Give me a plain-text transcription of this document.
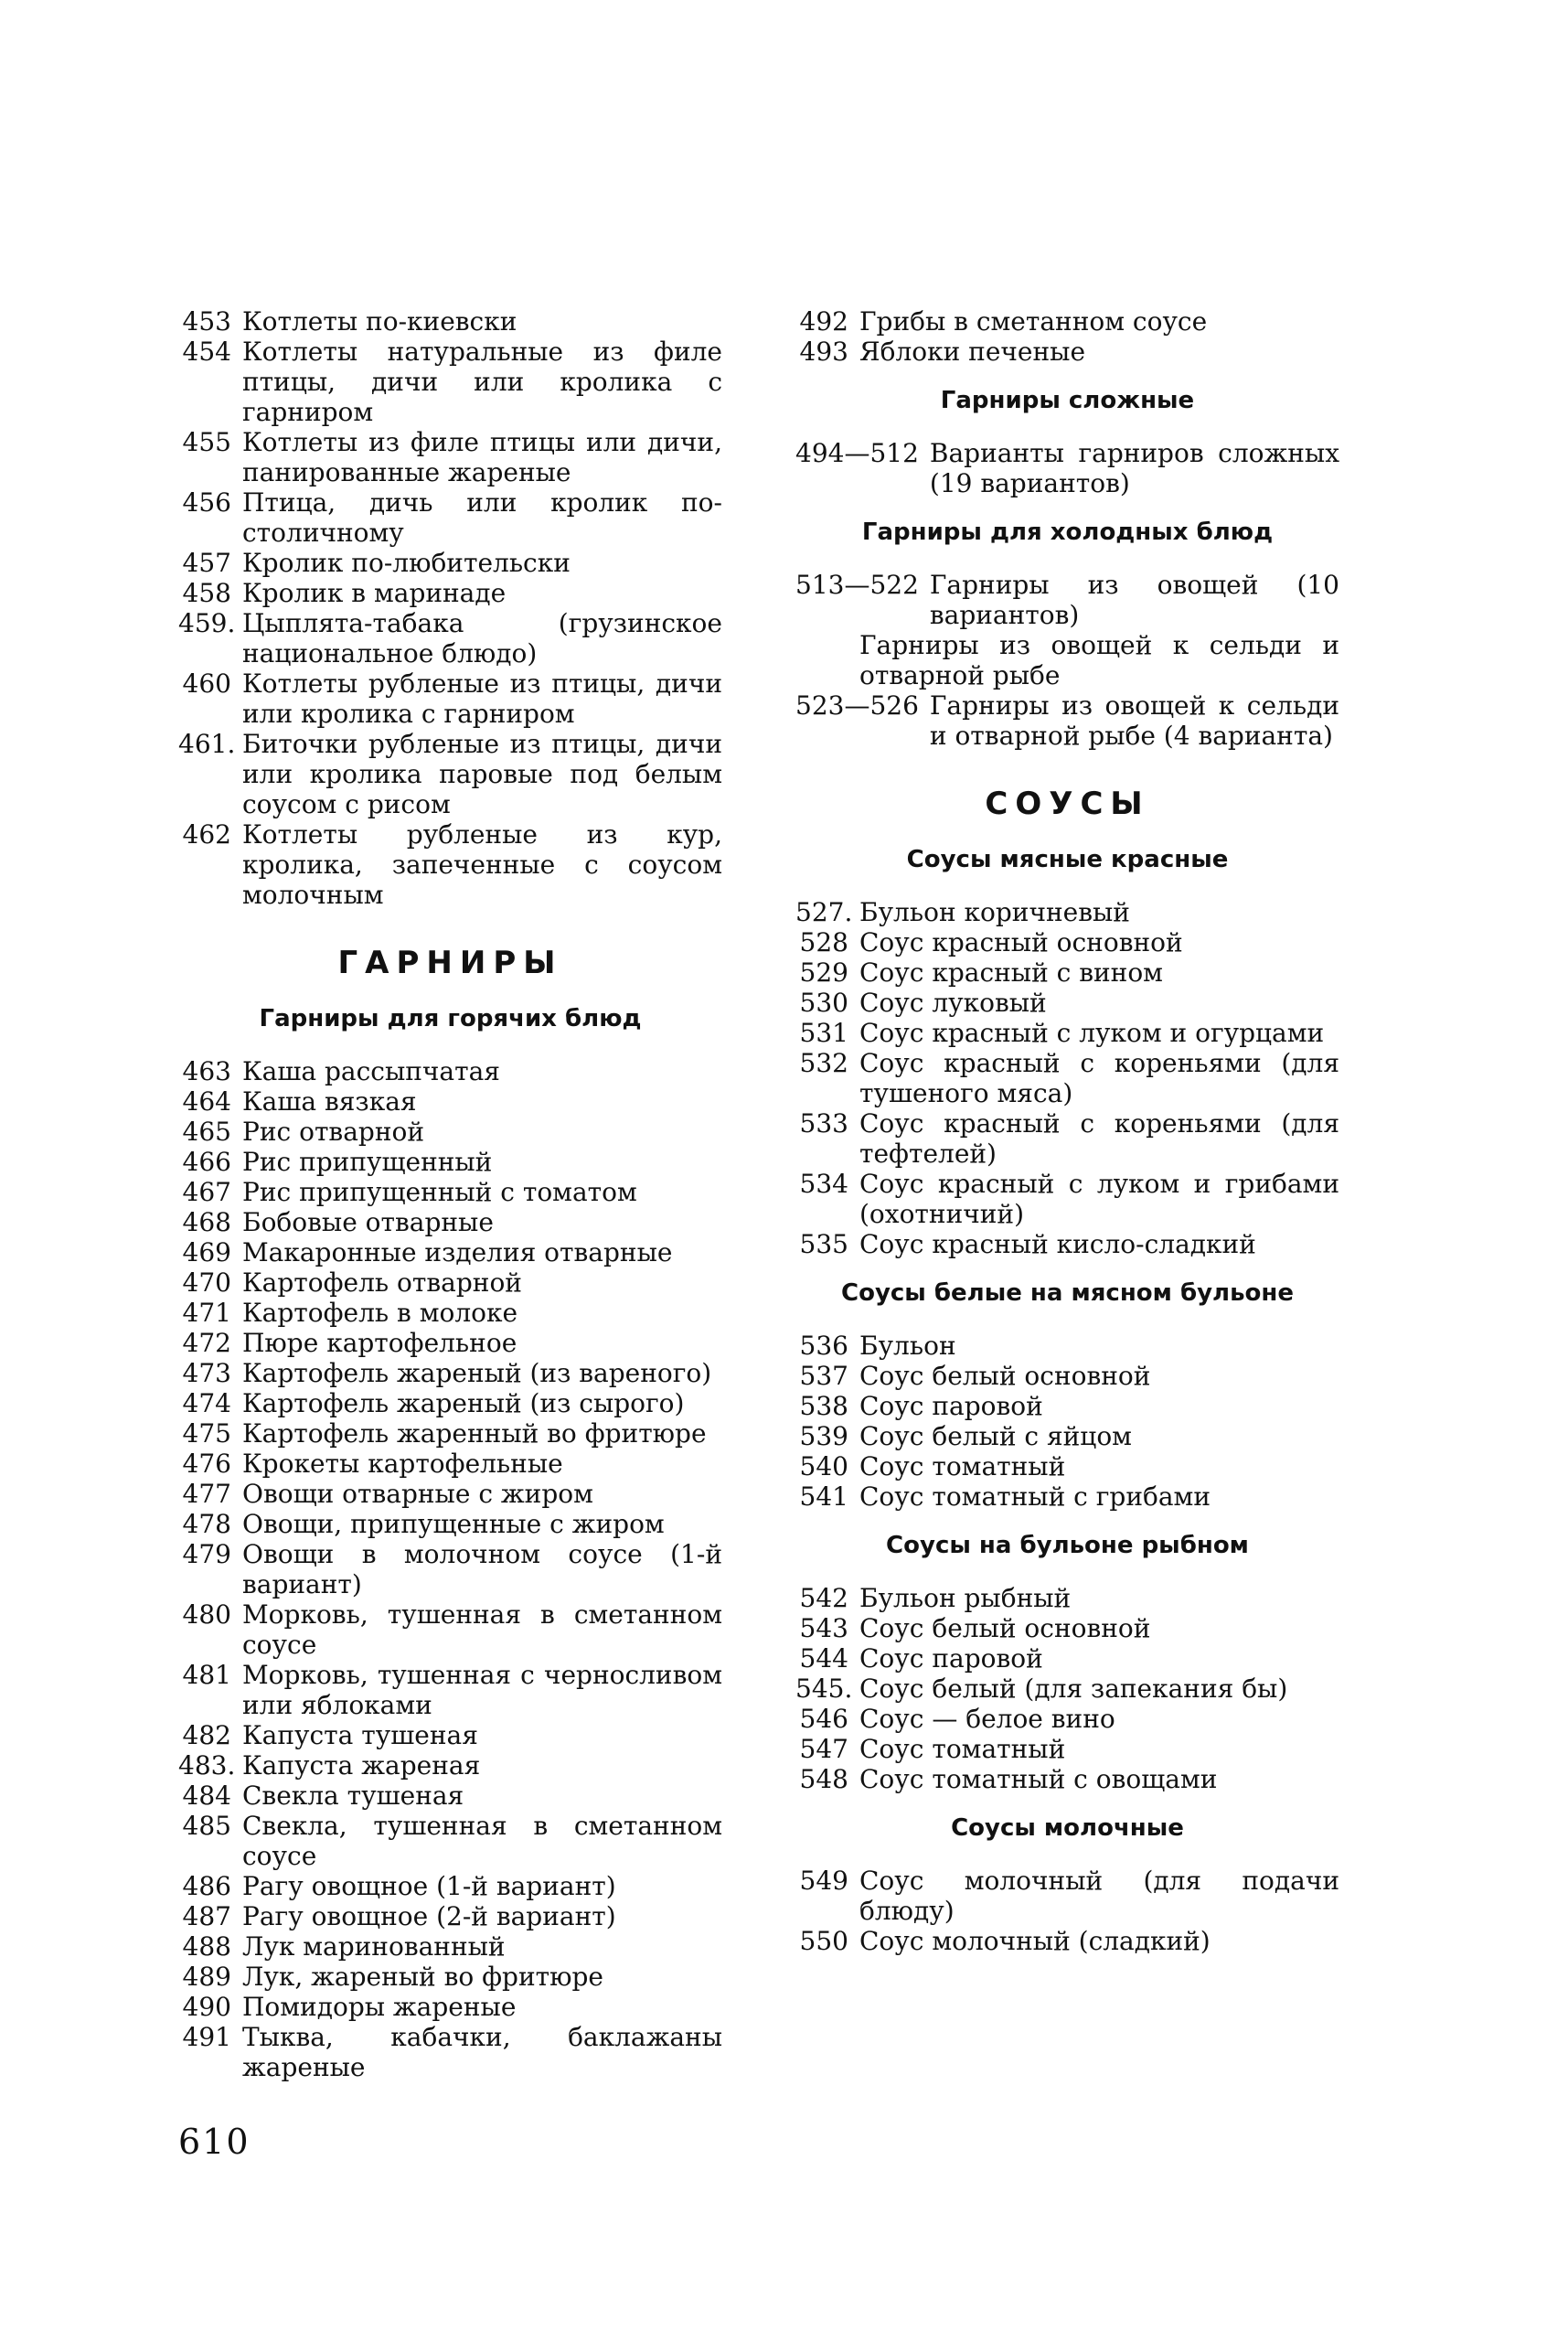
453 Котлеты по-киевски
454 Котлеты натуральные из филе птицы, дичи или кролика с гарниром
455 Котлеты из филе птицы или дичи, панированные жареные
456 Птица, дичь или кролик по-столичному
457 Кролик по-любительски
458 Кролик в маринаде
459. Цыплята-табака (грузинское национальное блюдо)
460 Котлеты рубленые из птицы, дичи или кролика с гарниром
461. Биточки рубленые из птицы, дичи или кролика паровые под белым соусом с рисом
462 Котлеты рубленые из кур, кролика, запеченные с соусом молочным
ГАРНИРЫ
Гарниры для горячих блюд
463 Каша рассыпчатая
464 Каша вязкая
465 Рис отварной
466 Рис припущенный
467 Рис припущенный с томатом
468 Бобовые отварные
469 Макаронные изделия отварные
470 Картофель отварной
471 Картофель в молоке
472 Пюре картофельное
473 Картофель жареный (из вареного)
474 Картофель жареный (из сырого)
475 Картофель жаренный во фритюре
476 Крокеты картофельные
477 Овощи отварные с жиром
478 Овощи, припущенные с жиром
479 Овощи в молочном соусе (1-й вариант)
480 Морковь, тушенная в сметанном соусе
481 Морковь, тушенная с черносливом или яблоками
482 Капуста тушеная
483. Капуста жареная
484 Свекла тушеная
485 Свекла, тушенная в сметанном соусе
486 Рагу овощное (1-й вариант)
487 Рагу овощное (2-й вариант)
488 Лук маринованный
489 Лук, жареный во фритюре
490 Помидоры жареные
491 Тыква, кабачки, баклажаны жареные
492 Грибы в сметанном соусе
493 Яблоки печеные
Гарниры сложные
494—512 Варианты гарниров сложных (19 вариантов)
Гарниры для холодных блюд
513—522 Гарниры из овощей (10 вариантов)
Гарниры из овощей к сельди и отварной рыбе
523—526 Гарниры из овощей к сельди и отварной рыбе (4 варианта)
СОУСЫ
Соусы мясные красные
527. Бульон коричневый
528 Соус красный основной
529 Соус красный с вином
530 Соус луковый
531 Соус красный с луком и огурцами
532 Соус красный с кореньями (для тушеного мяса)
533 Соус красный с кореньями (для тефтелей)
534 Соус красный с луком и грибами (охотничий)
535 Соус красный кисло-сладкий
Соусы белые на мясном бульоне
536 Бульон
537 Соус белый основной
538 Соус паровой
539 Соус белый с яйцом
540 Соус томатный
541 Соус томатный с грибами
Соусы на бульоне рыбном
542 Бульон рыбный
543 Соус белый основной
544 Соус паровой
545. Соус белый (для запекания бы)
546 Соус — белое вино
547 Соус томатный
548 Соус томатный с овощами
Соусы молочные
549 Соус молочный (для подачи блюду)
550 Соус молочный (сладкий)
610
